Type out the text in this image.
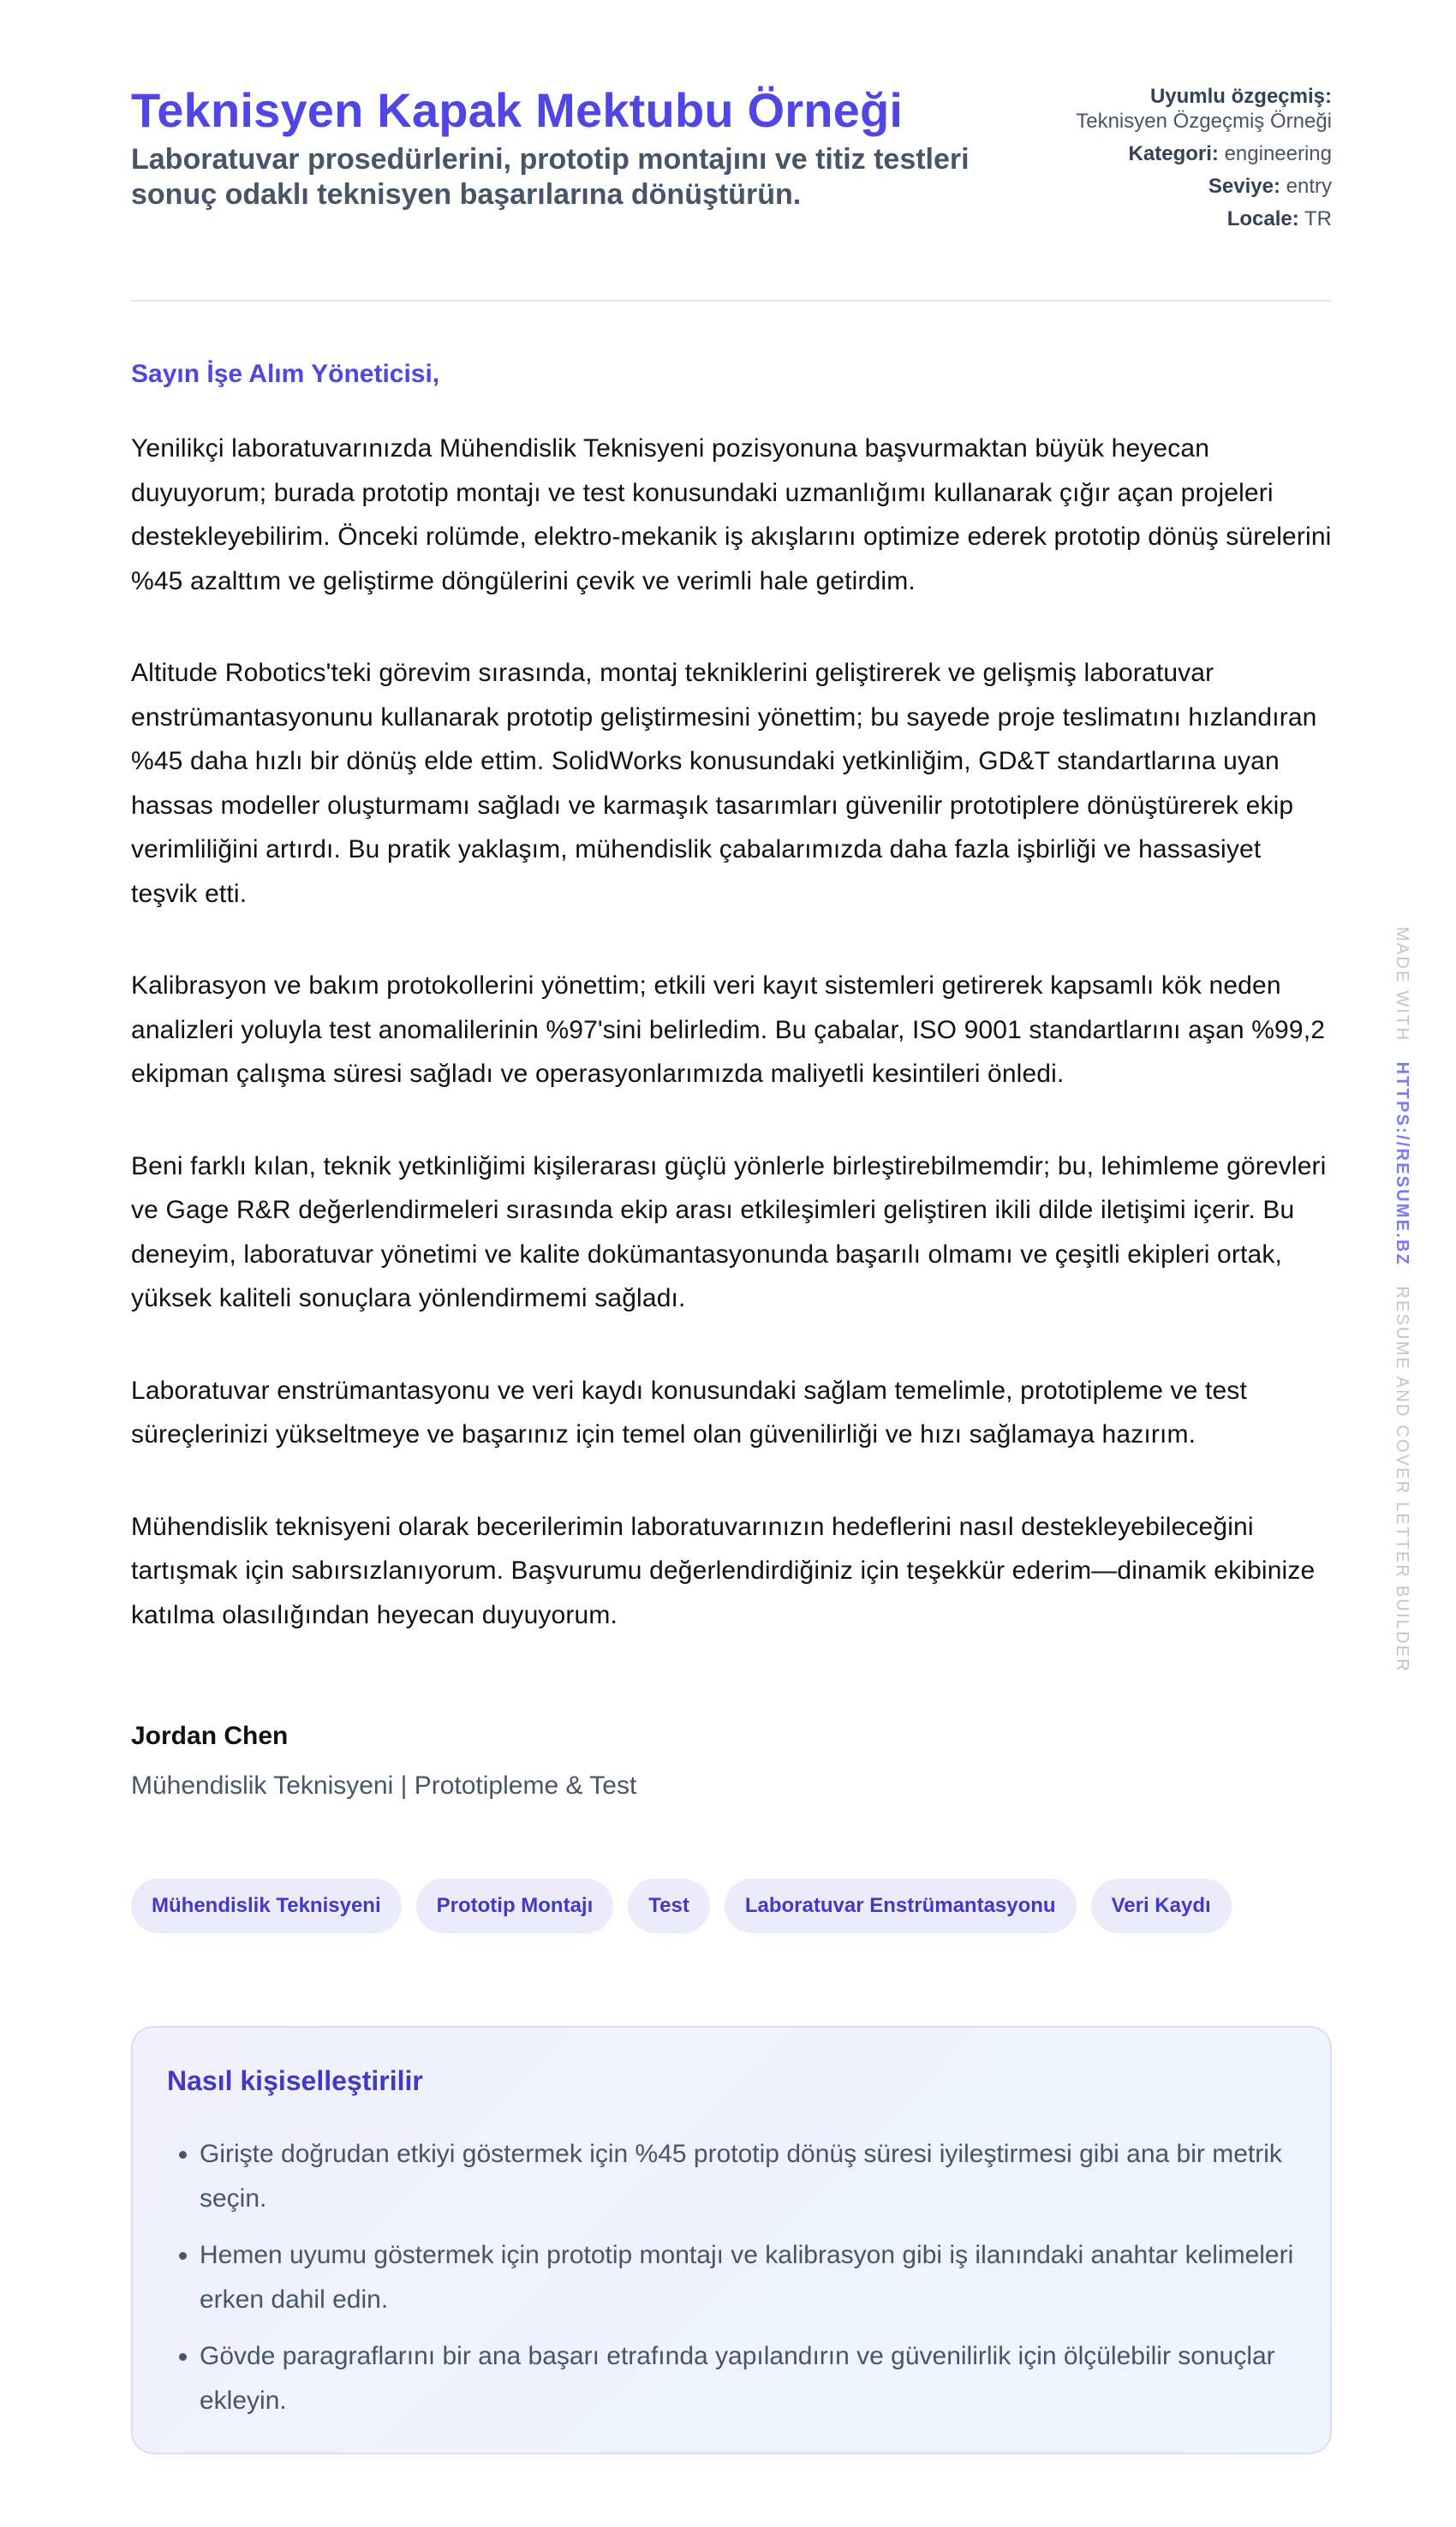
Teknisyen Kapak Mektubu Örneği
Laboratuvar prosedürlerini, prototip montajını ve titiz testleri sonuç odaklı teknisyen başarılarına dönüştürün.
Uyumlu özgeçmiş:
Teknisyen Özgeçmiş Örneği
Kategori: engineering
Seviye: entry
Locale: TR
Sayın İşe Alım Yöneticisi,

Yenilikçi laboratuvarınızda Mühendislik Teknisyeni pozisyonuna başvurmaktan büyük heyecan duyuyorum; burada prototip montajı ve test konusundaki uzmanlığımı kullanarak çığır açan projeleri destekleyebilirim. Önceki rolümde, elektro-mekanik iş akışlarını optimize ederek prototip dönüş sürelerini %45 azalttım ve geliştirme döngülerini çevik ve verimli hale getirdim.

Altitude Robotics'teki görevim sırasında, montaj tekniklerini geliştirerek ve gelişmiş laboratuvar enstrümantasyonunu kullanarak prototip geliştirmesini yönettim; bu sayede proje teslimatını hızlandıran %45 daha hızlı bir dönüş elde ettim. SolidWorks konusundaki yetkinliğim, GD&T standartlarına uyan hassas modeller oluşturmamı sağladı ve karmaşık tasarımları güvenilir prototiplere dönüştürerek ekip verimliliğini artırdı. Bu pratik yaklaşım, mühendislik çabalarımızda daha fazla işbirliği ve hassasiyet teşvik etti.

Kalibrasyon ve bakım protokollerini yönettim; etkili veri kayıt sistemleri getirerek kapsamlı kök neden analizleri yoluyla test anomalilerinin %97'sini belirledim. Bu çabalar, ISO 9001 standartlarını aşan %99,2 ekipman çalışma süresi sağladı ve operasyonlarımızda maliyetli kesintileri önledi.

Beni farklı kılan, teknik yetkinliğimi kişilerarası güçlü yönlerle birleştirebilmemdir; bu, lehimleme görevleri ve Gage R&R değerlendirmeleri sırasında ekip arası etkileşimleri geliştiren ikili dilde iletişimi içerir. Bu deneyim, laboratuvar yönetimi ve kalite dokümantasyonunda başarılı olmamı ve çeşitli ekipleri ortak, yüksek kaliteli sonuçlara yönlendirmemi sağladı.

Laboratuvar enstrümantasyonu ve veri kaydı konusundaki sağlam temelimle, prototipleme ve test süreçlerinizi yükseltmeye ve başarınız için temel olan güvenilirliği ve hızı sağlamaya hazırım.

Mühendislik teknisyeni olarak becerilerimin laboratuvarınızın hedeflerini nasıl destekleyebileceğini tartışmak için sabırsızlanıyorum. Başvurumu değerlendirdiğiniz için teşekkür ederim—dinamik ekibinize katılma olasılığından heyecan duyuyorum.

Jordan Chen
Mühendislik Teknisyeni | Prototipleme & Test
Mühendislik Teknisyeni	Prototip Montajı	Test	Laboratuvar Enstrümantasyonu	Veri Kaydı
Nasıl kişiselleştirilir
• Girişte doğrudan etkiyi göstermek için %45 prototip dönüş süresi iyileştirmesi gibi ana bir metrik seçin.
• Hemen uyumu göstermek için prototip montajı ve kalibrasyon gibi iş ilanındaki anahtar kelimeleri erken dahil edin.
• Gövde paragraflarını bir ana başarı etrafında yapılandırın ve güvenilirlik için ölçülebilir sonuçlar ekleyin.
MADE WITH   HTTPS://RESUME.BZ   RESUME AND COVER LETTER BUILDER
